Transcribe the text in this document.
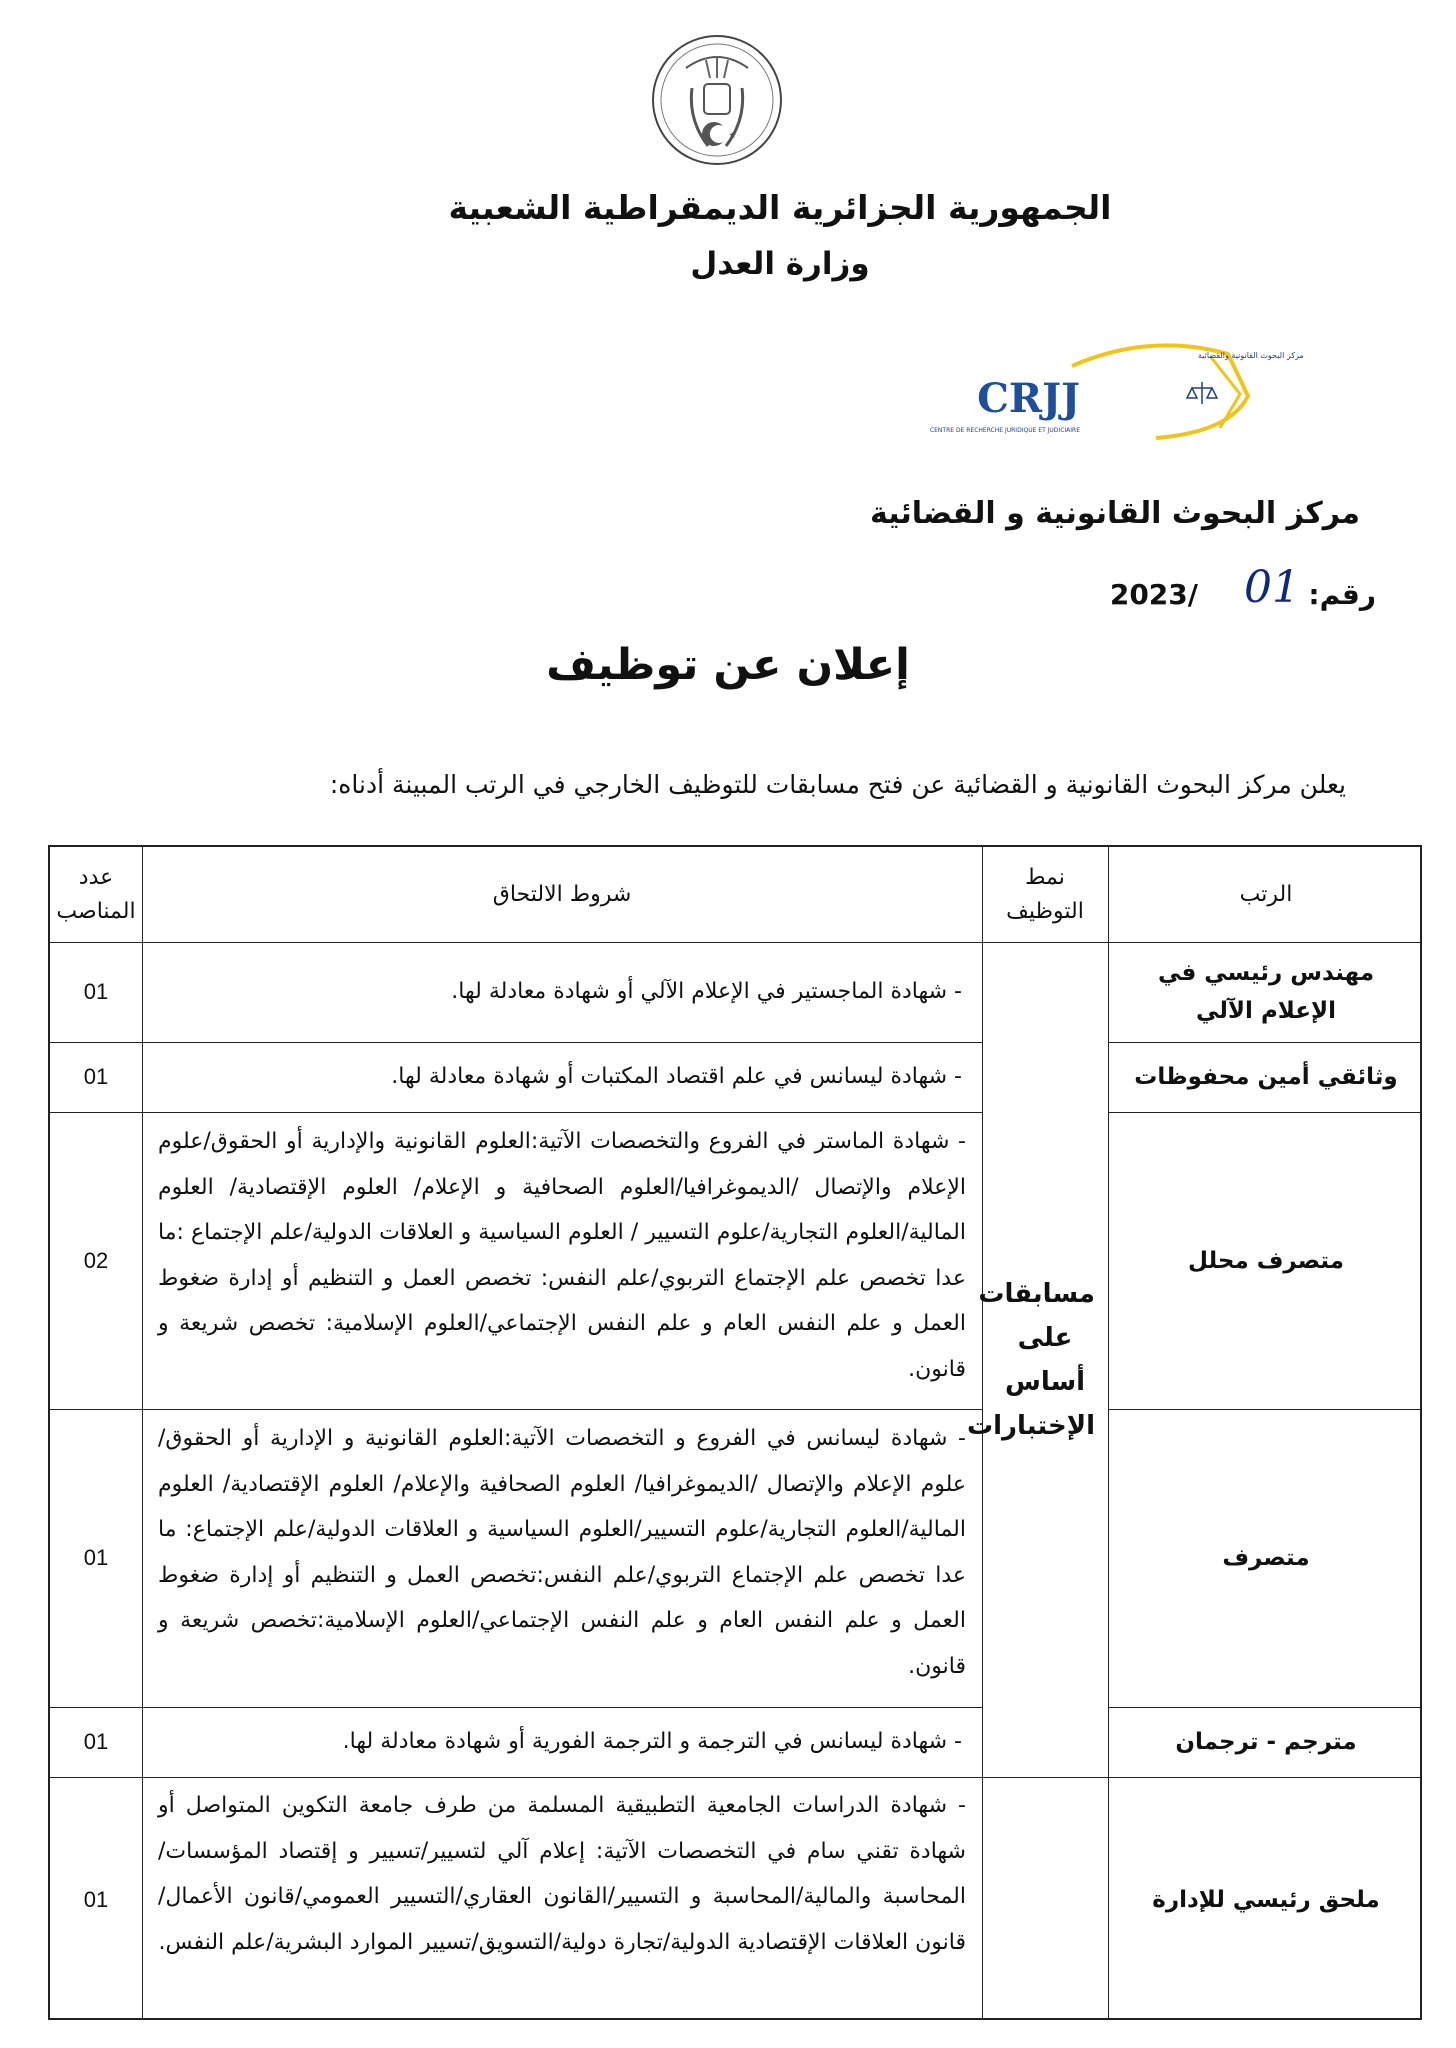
الجمهورية الجزائرية الديمقراطية الشعبية
وزارة العدل
مركز البحوث القانونية والقضائية
CRJJ
CENTRE DE RECHERCHE JURIDIQUE ET JUDICIAIRE
مركز البحوث القانونية و القضائية
رقم:
01
2023/
إعلان عن توظيف
يعلن مركز البحوث القانونية و القضائية عن فتح مسابقات للتوظيف الخارجي في الرتب المبينة أدناه:
الرتب
نمط
التوظيف
شروط الالتحاق
عدد
المناصب
مسابقات على أساس الإختبارات
مهندس رئيسي في الإعلام الآلي
- شهادة الماجستير في الإعلام الآلي أو شهادة معادلة لها.
01
وثائقي أمين محفوظات
- شهادة ليسانس في علم اقتصاد المكتبات أو شهادة معادلة لها.
01
متصرف محلل
- شهادة الماستر في الفروع والتخصصات الآتية:العلوم القانونية والإدارية أو الحقوق/علوم الإعلام والإتصال /الديموغرافيا/العلوم الصحافية و الإعلام/ العلوم الإقتصادية/ العلوم المالية/العلوم التجارية/علوم التسيير / العلوم السياسية و العلاقات الدولية/علم الإجتماع :ما عدا تخصص علم الإجتماع التربوي/علم النفس: تخصص العمل و التنظيم أو إدارة ضغوط العمل و علم النفس العام و علم النفس الإجتماعي/العلوم الإسلامية: تخصص شريعة و قانون.
02
متصرف
- شهادة ليسانس في الفروع و التخصصات الآتية:العلوم القانونية و الإدارية أو الحقوق/علوم الإعلام والإتصال /الديموغرافيا/ العلوم الصحافية والإعلام/ العلوم الإقتصادية/ العلوم المالية/العلوم التجارية/علوم التسيير/العلوم السياسية و العلاقات الدولية/علم الإجتماع: ما عدا تخصص علم الإجتماع التربوي/علم النفس:تخصص العمل و التنظيم أو إدارة ضغوط العمل و علم النفس العام و علم النفس الإجتماعي/العلوم الإسلامية:تخصص شريعة و قانون.
01
مترجم - ترجمان
- شهادة ليسانس في الترجمة و الترجمة الفورية أو شهادة معادلة لها.
01
ملحق رئيسي للإدارة
- شهادة الدراسات الجامعية التطبيقية المسلمة من طرف جامعة التكوين المتواصل أو شهادة تقني سام في التخصصات الآتية: إعلام آلي لتسيير/تسيير و إقتصاد المؤسسات/المحاسبة والمالية/المحاسبة و التسيير/القانون العقاري/التسيير العمومي/قانون الأعمال/قانون العلاقات الإقتصادية الدولية/تجارة دولية/التسويق/تسيير الموارد البشرية/علم النفس.
01
